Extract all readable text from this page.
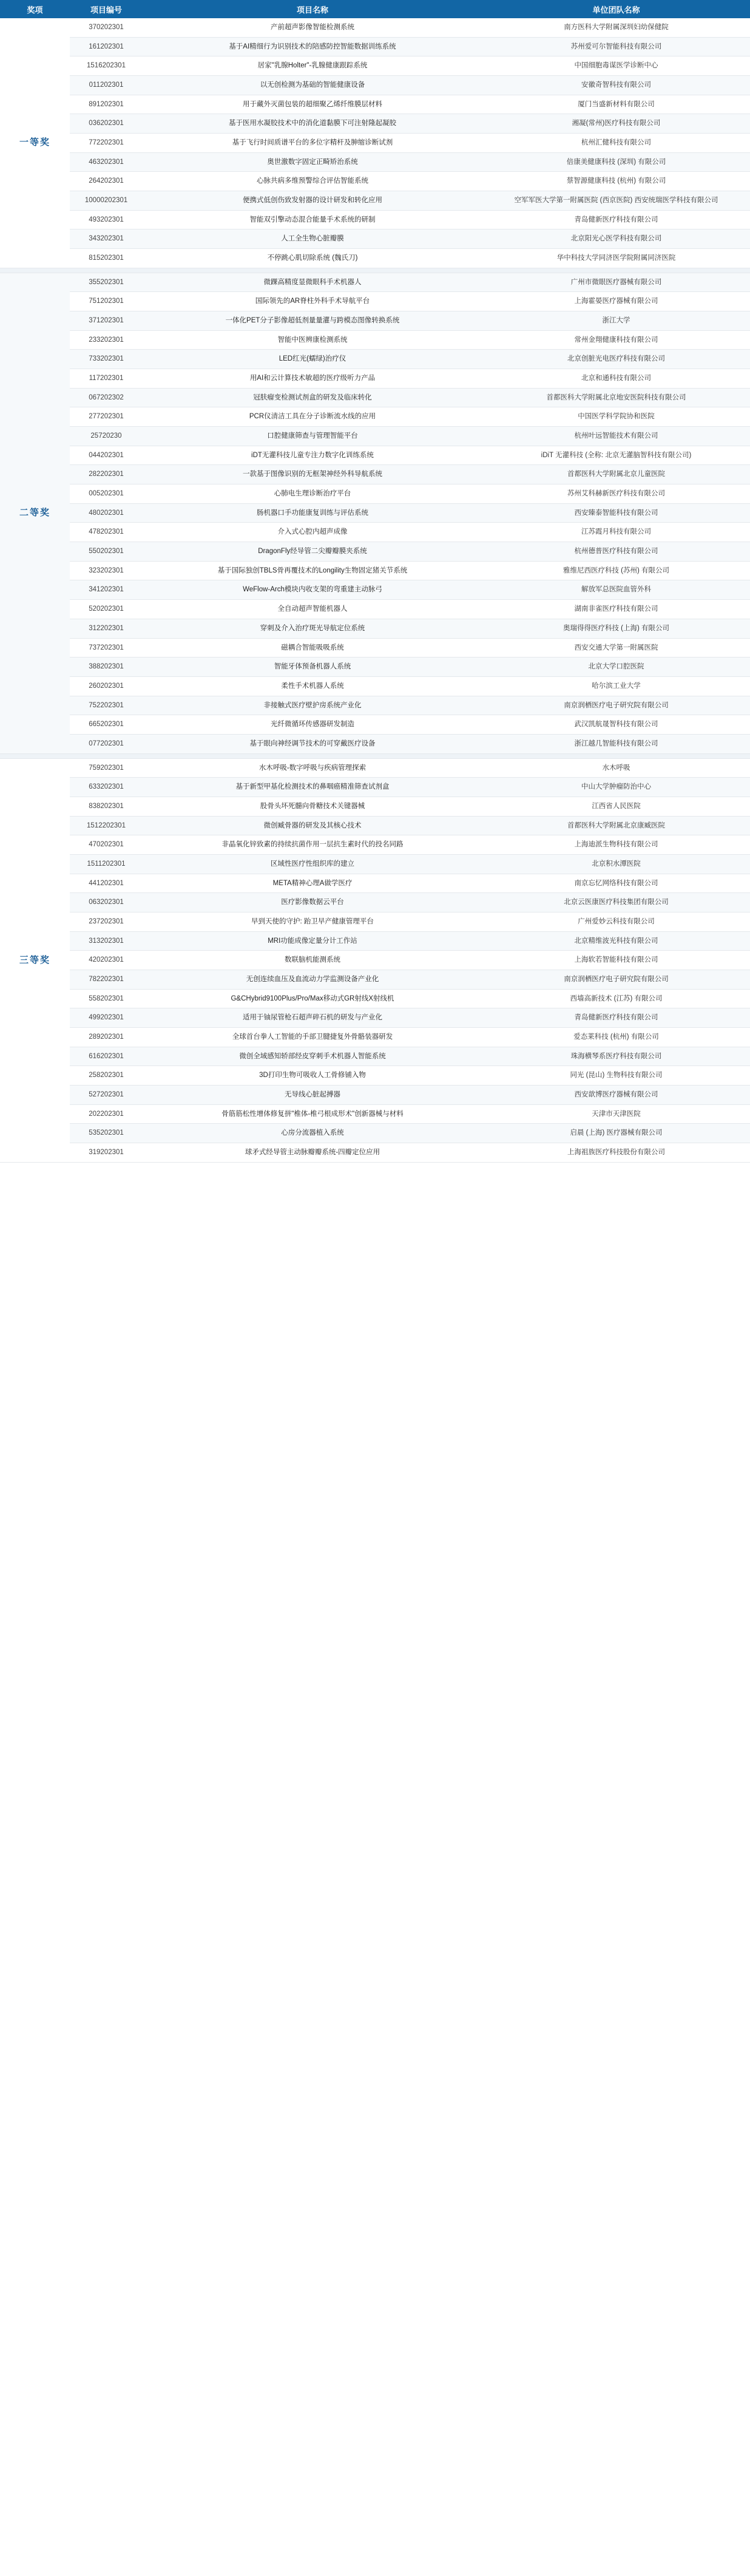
奖项	项目编号	项目名称	单位团队名称
一等奖	370202301	产前超声影像智能检测系统	南方医科大学附属深圳妇幼保健院
	161202301	基于AI精细行为识别技术的陪感防控智能数据训练系统	苏州爱可尔智能科技有限公司
	1516202301	居家"乳腺Holter"-乳腺健康跟踪系统	中国细胞毒谋医学诊断中心
	011202301	以无创检测为基础的智能健康设备	安徽奇智科技有限公司
	891202301	用于藏外灭菌包装的超细聚乙烯纤维膜层材料	厦门当盛新材料有限公司
	036202301	基于医用水凝胶技术中的消化道黏膜下可注射隆起凝胶	湘凝(常州)医疗科技有限公司
	772202301	基于飞行时间质谱平台的多位字精杆及胂缩诊断试剂	杭州汇健科技有限公司
	463202301	奥世激数字固定正畸矫治系统	倍康美健康科技 (深圳) 有限公司
	264202301	心脉共病多维预警综合评估智能系统	蔡智源健康科技 (杭州) 有限公司
	10000202301	便携式低创伤致发射器的设计研发和转化应用	空军军医大学第一附属医院 (西京医院) 西安统瑞医学科技有限公司
	493202301	智能双引擎动态混合能量手术系统的研制	青岛健新医疗科技有限公司
	343202301	人工全生物心脏瓣膜	北京阳光心医学科技有限公司
	815202301	不停跳心肌切除系统 (魏氏刀)	华中科技大学同济医学院附属同济医院

二等奖	355202301	微踝高精度显微眼科手术机器人	广州市微眼医疗器械有限公司
	751202301	国际领先的AR脊柱外科手术导航平台	上海霍晏医疗器械有限公司
	371202301	一体化PET分子影像超低剂量量灌与跨模态图像转换系统	浙江大学
	233202301	智能中医辨康检测系统	常州金翔健康科技有限公司
	733202301	LED红光(蠕绿)治疗仪	北京创脏光电医疗科技有限公司
	117202301	用AI和云计算技术敏超的医疗级听力产品	北京和通科技有限公司
	067202302	冠肤瘤变检测试剂盒的研发及临床转化	首都医科大学附属北京地安医院科技有限公司
	277202301	PCR仪清洁工具在分子诊断流水线的应用	中国医学科学院协和医院
	25720230	口腔健康筛查与管理智能平台	杭州叶远智能技术有限公司
	044202301	iDT无灌科技儿童专注力数字化训练系统	iDiT 无灌科技 (全称: 北京无灌脑智科技有限公司)
	282202301	一款基于图像识别的无框架神经外科导航系统	首都医科大学附属北京儿童医院
	005202301	心肺电生理诊断治疗平台	苏州艾科赫新医疗科技有限公司
	480202301	肠机器口手功能康复训练与评估系统	西安臻泰智能科技有限公司
	478202301	介入式心腔内超声成像	江苏霞月科技有限公司
	550202301	DragonFly经导管二尖瓣瓣膜夹系统	杭州德普医疗科技有限公司
	323202301	基于国际独创TBLS骨再覆技术的Longility生物固定猪关节系统	雅维尼西医疗科技 (苏州) 有限公司
	341202301	WeFlow-Arch模块内收支架的弯重建主动脉弓	解放军总医院血管外科
	520202301	全自动超声智能机器人	湖南非雀医疗科技有限公司
	312202301	穿刺及介入治疗斑光导航定位系统	奥瑞得得医疗科技 (上海) 有限公司
	737202301	磁耦合智能吸吸系统	西安交通大学第一附属医院
	388202301	智能牙体预备机器人系统	北京大学口腔医院
	260202301	柔性手术机器人系统	哈尔滨工业大学
	752202301	非接触式医疗壁护房系统产业化	南京润栖医疗电子研究院有限公司
	665202301	光纤微循环传感器研发制造	武汉凯航晟智科技有限公司
	077202301	基于眼向神经调节技术的可穿戴医疗设备	浙江越几智能科技有限公司

三等奖	759202301	水木呼吸-数字呼吸与疾病管理探索	水木呼吸
	633202301	基于新型甲基化检测技术的鼻咽癌精准筛查试剂盒	中山大学肿瘤防治中心
	838202301	股骨头坏死髓向骨糖技术关键器械	江西省人民医院
	1512202301	微创臧骨器的研发及其核心技术	首都医科大学附属北京康臧医院
	470202301	非晶氧化锌致素的持续抗菌作用一层抗生素时代的投名同路	上海迪派生物科技有限公司
	1511202301	区域性医疗性组织库的建立	北京积水潭医院
	441202301	META精神心理A做学医疗	南京忘忆网络科技有限公司
	063202301	医疗影像数据云平台	北京云医康医疗科技集团有限公司
	237202301	早到天使的守护: 跆卫早产健康管理平台	广州爱妙云科技有限公司
	313202301	MRI功能成像定量分计工作站	北京精维波光科技有限公司
	420202301	数联脑机能测系统	上海软若智能科技有限公司
	782202301	无创连续血压及血流动力学监测设备产业化	南京润栖医疗电子研究院有限公司
	558202301	G&CHybrid9100Plus/Pro/Max移动式GR射线X射线机	西墙高新技术 (江苏) 有限公司
	499202301	适用于铀尿管枪石超声碎石机的研发与产业化	青岛健新医疗科技有限公司
	289202301	全球首台拳人工智能的手部卫腱捷复外骨骼装器研发	爱态莱科技 (杭州) 有限公司
	616202301	微创全域感知轿部经皮穿刺手术机器人智能系统	珠海横琴系医疗科技有限公司
	258202301	3D打印生物可吸收人工骨修铺入物	同光 (昆山) 生物科技有限公司
	527202301	无导线心脏起搏器	西安歆博医疗器械有限公司
	202202301	骨筋筋松性增体修复拼"椎体-椎弓根成形术"创新器械与材料	天津市天津医院
	535202301	心房分流器植入系统	启晨 (上海) 医疗器械有限公司
	319202301	球矛式经导管主动脉瓣瓣系统-四瓣定位应用	上海祖族医疗科技股份有限公司
